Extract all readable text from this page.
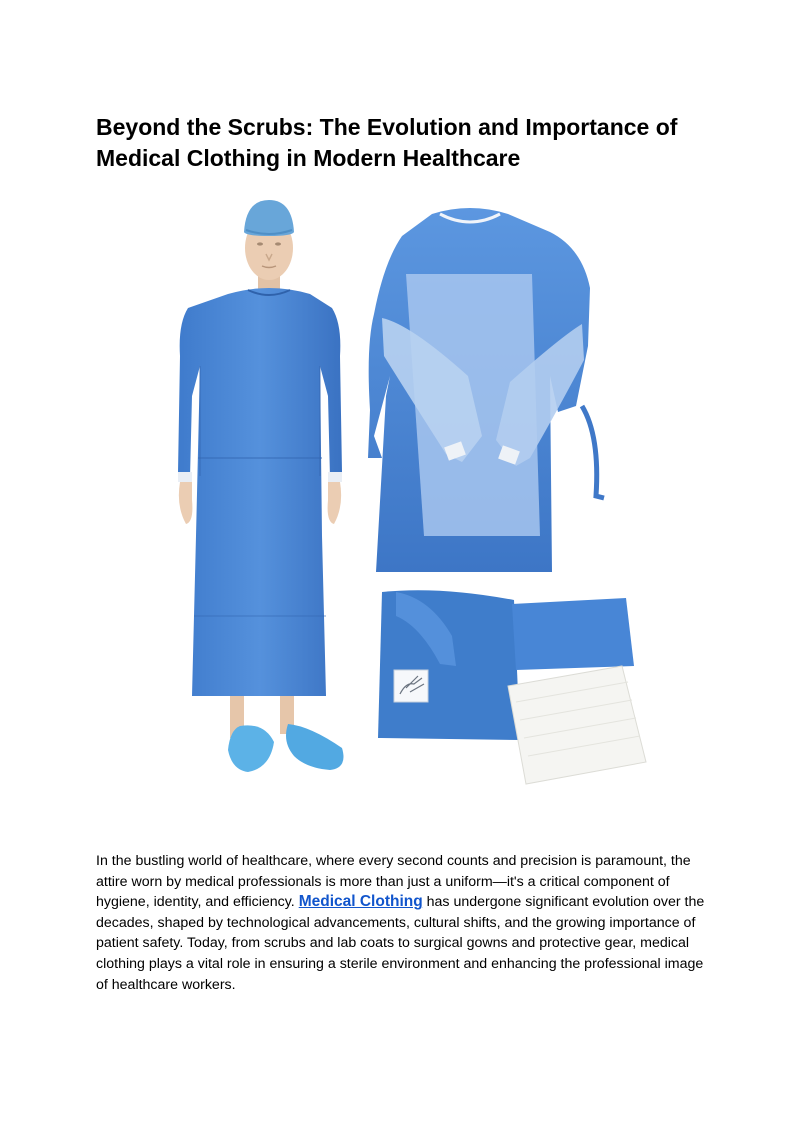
Beyond the Scrubs: The Evolution and Importance of Medical Clothing in Modern Healthcare

In the bustling world of healthcare, where every second counts and precision is paramount, the attire worn by medical professionals is more than just a uniform—it's a critical component of hygiene, identity, and efficiency. Medical Clothing has undergone significant evolution over the decades, shaped by technological advancements, cultural shifts, and the growing importance of patient safety. Today, from scrubs and lab coats to surgical gowns and protective gear, medical clothing plays a vital role in ensuring a sterile environment and enhancing the professional image of healthcare workers.
